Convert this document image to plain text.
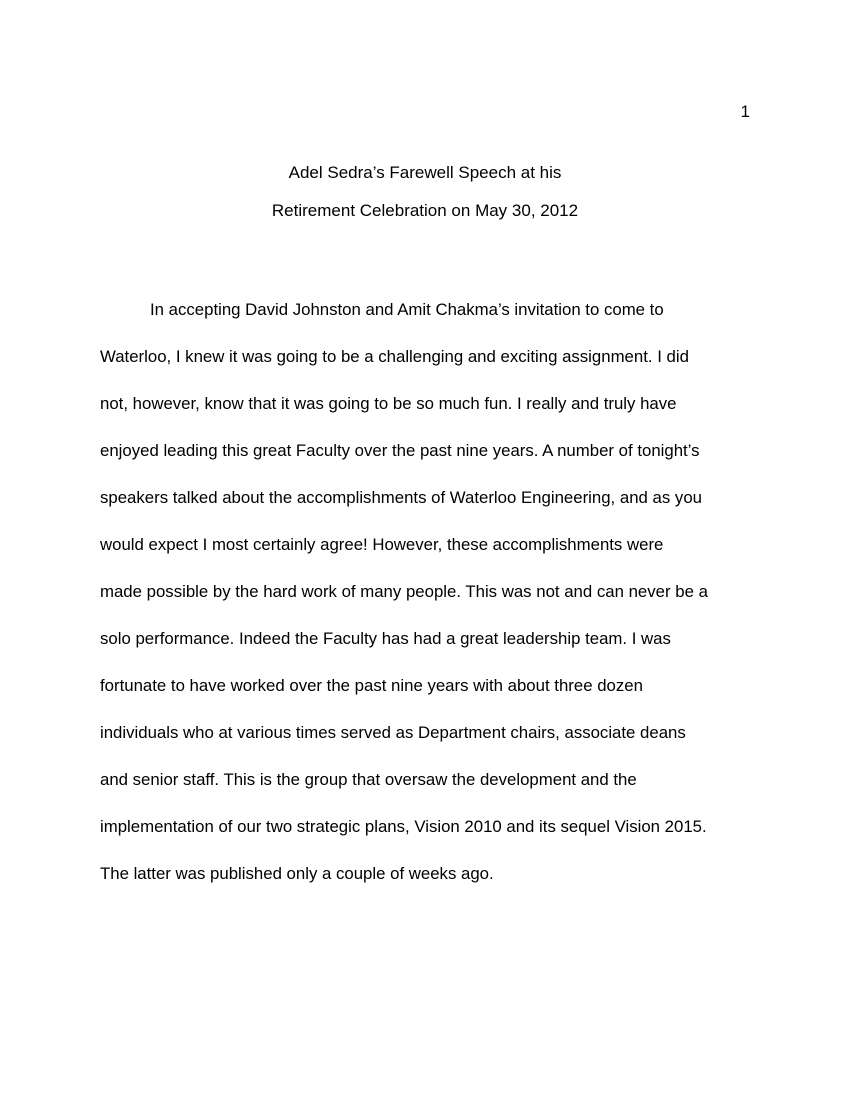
1
Adel Sedra’s Farewell Speech at his
Retirement Celebration on May 30, 2012
In accepting David Johnston and Amit Chakma’s invitation to come to
Waterloo, I knew it was going to be a challenging and exciting assignment. I did
not, however, know that it was going to be so much fun. I really and truly have
enjoyed leading this great Faculty over the past nine years. A number of tonight’s
speakers talked about the accomplishments of Waterloo Engineering, and as you
would expect I most certainly agree! However, these accomplishments were
made possible by the hard work of many people. This was not and can never be a
solo performance. Indeed the Faculty has had a great leadership team. I was
fortunate to have worked over the past nine years with about three dozen
individuals who at various times served as Department chairs, associate deans
and senior staff. This is the group that oversaw the development and the
implementation of our two strategic plans, Vision 2010 and its sequel Vision 2015.
The latter was published only a couple of weeks ago.
